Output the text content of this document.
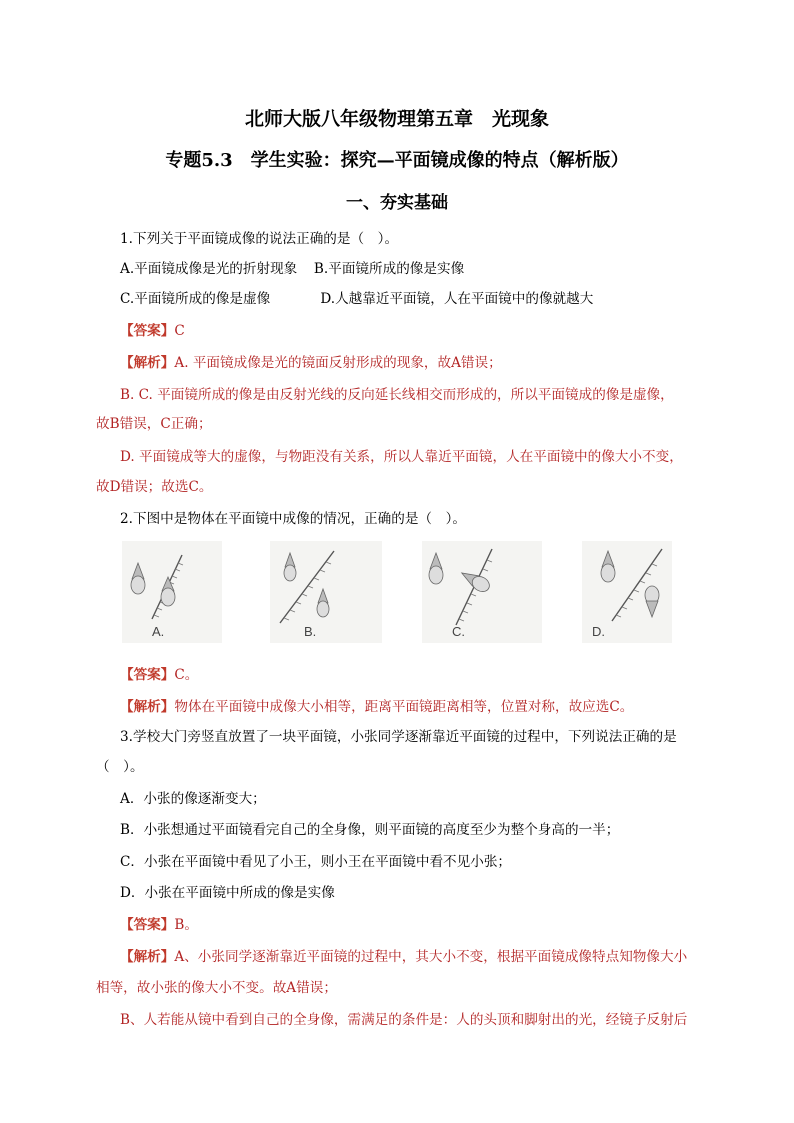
北师大版八年级物理第五章　光现象
专题5.3　学生实验：探究—平面镜成像的特点（解析版）
一、夯实基础
1.下列关于平面镜成像的说法正确的是（　）。
A.平面镜成像是光的折射现象 B.平面镜所成的像是实像
C.平面镜所成的像是虚像	D.人越靠近平面镜，人在平面镜中的像就越大
【答案】C
【解析】A. 平面镜成像是光的镜面反射形成的现象，故A错误；
B. C. 平面镜所成的像是由反射光线的反向延长线相交而形成的，所以平面镜成的像是虚像，
故B错误，C正确；
D. 平面镜成等大的虚像，与物距没有关系，所以人靠近平面镜，人在平面镜中的像大小不变，
故D错误；故选C。
2.下图中是物体在平面镜中成像的情况，正确的是（　）。
A.	B.	C.	D.
【答案】C。
【解析】物体在平面镜中成像大小相等，距离平面镜距离相等，位置对称，故应选C。
3.学校大门旁竖直放置了一块平面镜，小张同学逐渐靠近平面镜的过程中，下列说法正确的是
（　）。
A．小张的像逐渐变大；
B．小张想通过平面镜看完自己的全身像，则平面镜的高度至少为整个身高的一半；
C．小张在平面镜中看见了小王，则小王在平面镜中看不见小张；
D．小张在平面镜中所成的像是实像
【答案】B。
【解析】A、小张同学逐渐靠近平面镜的过程中，其大小不变，根据平面镜成像特点知物像大小
相等，故小张的像大小不变。故A错误；
B、人若能从镜中看到自己的全身像，需满足的条件是：人的头顶和脚射出的光，经镜子反射后
